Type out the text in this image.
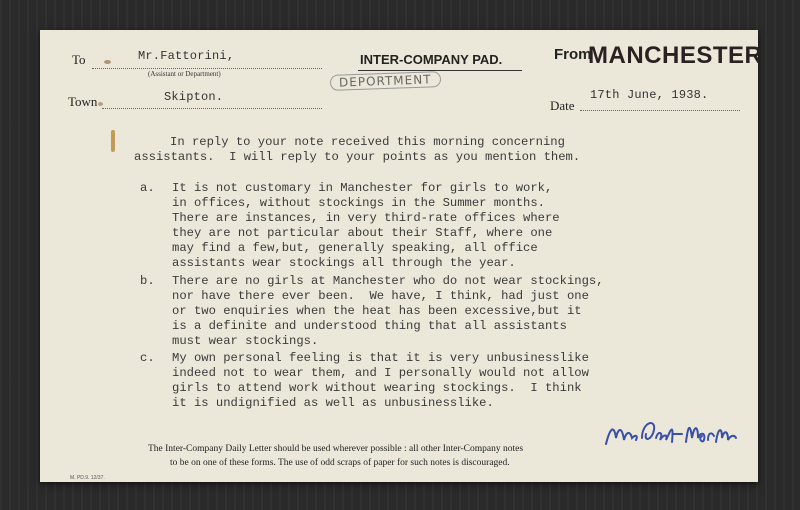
To	Mr.Fattorini,
(Assistant or Department)
Town	Skipton.
INTER-COMPANY PAD.
DEPORTMENT
From
MANCHESTER
Date
17th June, 1938.
In reply to your note received this morning concerning
assistants.  I will reply to your points as you mention them.
a. It is not customary in Manchester for girls to work,
in offices, without stockings in the Summer months.
There are instances, in very third-rate offices where
they are not particular about their Staff, where one
may find a few,but, generally speaking, all office
assistants wear stockings all through the year.
b. There are no girls at Manchester who do not wear stockings,
nor have there ever been.  We have, I think, had just one
or two enquiries when the heat has been excessive,but it
is a definite and understood thing that all assistants
must wear stockings.
c. My own personal feeling is that it is very unbusinesslike
indeed not to wear them, and I personally would not allow
girls to attend work without wearing stockings.  I think
it is undignified as well as unbusinesslike.
The Inter-Company Daily Letter should be used wherever possible : all other Inter-Company notes
to be on one of these forms. The use of odd scraps of paper for such notes is discouraged.
M. PD.9. 12/37.
